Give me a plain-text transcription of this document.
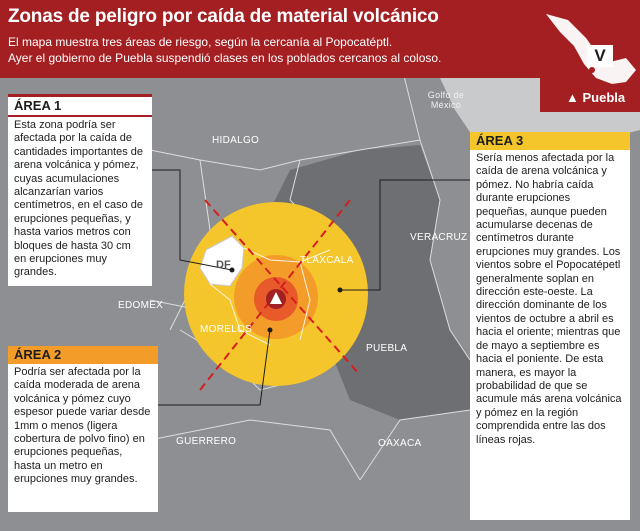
Zonas de peligro por caída de material volcánico
El mapa muestra tres áreas de riesgo, según la cercanía al Popocatéptl.
Ayer el gobierno de Puebla suspendió clases en los poblados cercanos al coloso.	V
▲ Puebla
Golfo de
México
HIDALGO
VERACRUZ
DF	TLAXCALA
EDOMEX
MORELOS
PUEBLA
GUERRERO	OAXACA
ÁREA 1
Esta zona podría ser afectada por la caída de cantidades importantes de arena volcánica y pómez, cuyas acumulaciones alcanzarían varios centímetros, en el caso de erupciones pequeñas, y hasta varios metros con bloques de hasta 30 cm en erupciones muy grandes.
ÁREA 2
Podría ser afectada por la caída moderada de arena volcánica y pómez cuyo espesor puede variar desde 1mm o menos (ligera cobertura de polvo fino) en erupciones pequeñas, hasta un metro en erupciones muy grandes.
ÁREA 3
Sería menos afectada por la caída de arena volcánica y pómez. No habría caída durante erupciones pequeñas, aunque pueden acumularse decenas de centímetros durante erupciones muy grandes. Los vientos sobre el Popocatépetl generalmente soplan en dirección este-oeste. La dirección dominante de los vientos de octubre a abril es hacia el oriente; mientras que de mayo a septiembre es hacia el poniente. De esta manera, es mayor la probabilidad de que se acumule más arena volcánica y pómez en la región comprendida entre las dos líneas rojas.
